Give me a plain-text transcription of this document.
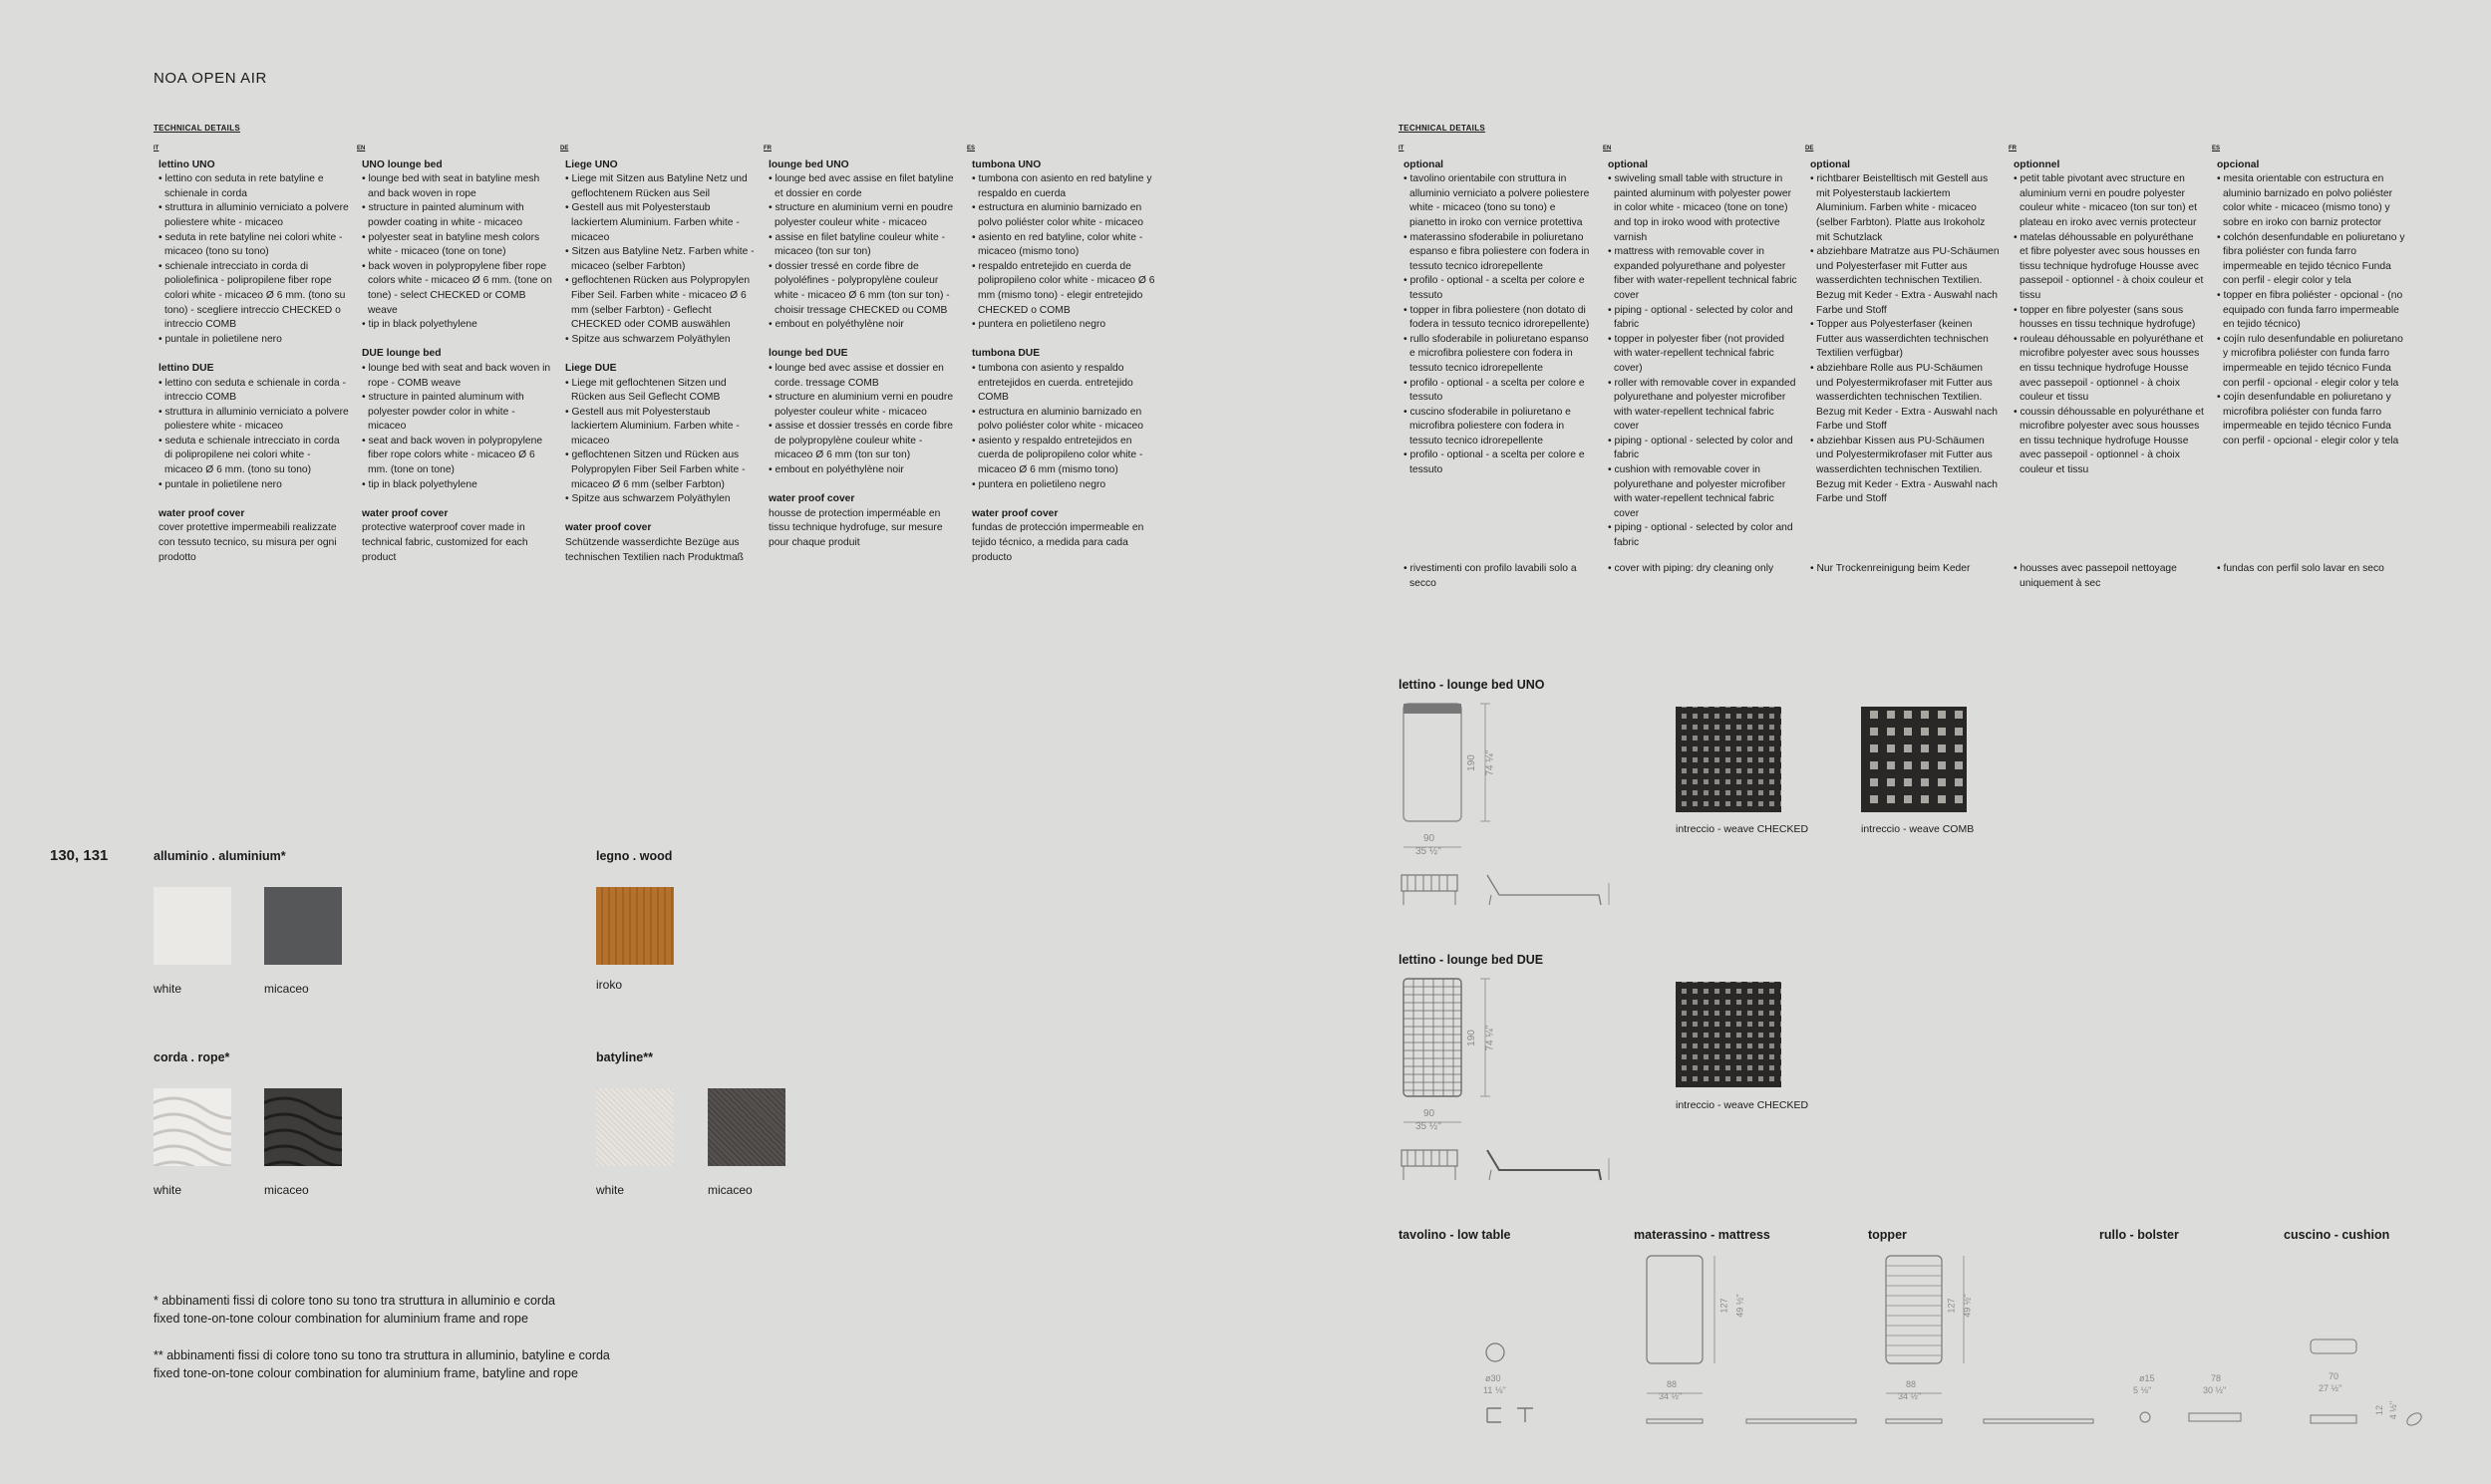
NOA OPEN AIR
TECHNICAL DETAILS
IT
lettino UNO
• lettino con seduta in rete batyline e schienale in corda
• struttura in alluminio verniciato a polvere poliestere white - micaceo
• seduta in rete batyline nei colori white - micaceo (tono su tono)
• schienale intrecciato in corda di poliolefinica - polipropilene fiber rope colori white - micaceo Ø 6 mm. (tono su tono) - scegliere intreccio CHECKED o intreccio COMB
• puntale in polietilene nero
lettino DUE
• lettino con seduta e schienale in corda - intreccio COMB
• struttura in alluminio verniciato a polvere poliestere white - micaceo
• seduta e schienale intrecciato in corda di polipropilene nei colori white - micaceo Ø 6 mm. (tono su tono)
• puntale in polietilene nero
water proof cover
cover protettive impermeabili realizzate con tessuto tecnico, su misura per ogni prodotto
EN
UNO lounge bed
• lounge bed with seat in batyline mesh and back woven in rope
• structure in painted aluminum with powder coating in white - micaceo
• polyester seat in batyline mesh colors white - micaceo (tone on tone)
• back woven in polypropylene fiber rope colors white - micaceo Ø 6 mm. (tone on tone) - select CHECKED or COMB weave
• tip in black polyethylene
DUE lounge bed
• lounge bed with seat and back woven in rope - COMB weave
• structure in painted aluminum with polyester powder color in white - micaceo
• seat and back woven in polypropylene fiber rope colors white - micaceo Ø 6 mm. (tone on tone)
• tip in black polyethylene
water proof cover
protective waterproof cover made in technical fabric, customized for each product
DE
Liege UNO
• Liege mit Sitzen aus Batyline Netz und geflochtenem Rücken aus Seil
• Gestell aus mit Polyesterstaub lackiertem Aluminium. Farben white - micaceo
• Sitzen aus Batyline Netz. Farben white - micaceo (selber Farbton)
• geflochtenen Rücken aus Polypropylen Fiber Seil. Farben white - micaceo Ø 6 mm (selber Farbton) - Geflecht CHECKED oder COMB auswählen
• Spitze aus schwarzem Polyäthylen
Liege DUE
• Liege mit geflochtenen Sitzen und Rücken aus Seil Geflecht COMB
• Gestell aus mit Polyesterstaub lackiertem Aluminium. Farben white - micaceo
• geflochtenen Sitzen und Rücken aus Polypropylen Fiber Seil Farben white - micaceo Ø 6 mm (selber Farbton)
• Spitze aus schwarzem Polyäthylen
water proof cover
Schützende wasserdichte Bezüge aus technischen Textilien nach Produktmaß
FR
lounge bed UNO
• lounge bed avec assise en filet batyline et dossier en corde
• structure en aluminium verni en poudre polyester couleur white - micaceo
• assise en filet batyline couleur white - micaceo (ton sur ton)
• dossier tressé en corde fibre de polyoléfines - polypropylène couleur white - micaceo Ø 6 mm (ton sur ton) - choisir tressage CHECKED ou COMB
• embout en polyéthylène noir
lounge bed DUE
• lounge bed avec assise et dossier en corde. tressage COMB
• structure en aluminium verni en poudre polyester couleur white - micaceo
• assise et dossier tressés en corde fibre de polypropylène couleur white - micaceo Ø 6 mm (ton sur ton)
• embout en polyéthylène noir
water proof cover
housse de protection imperméable en tissu technique hydrofuge, sur mesure pour chaque produit
ES
tumbona UNO
• tumbona con asiento en red batyline y respaldo en cuerda
• estructura en aluminio barnizado en polvo poliéster color white - micaceo
• asiento en red batyline, color white - micaceo (mismo tono)
• respaldo entretejido en cuerda de polipropileno color white - micaceo Ø 6 mm (mismo tono) - elegir entretejido CHECKED o COMB
• puntera en polietileno negro
tumbona DUE
• tumbona con asiento y respaldo entretejidos en cuerda. entretejido COMB
• estructura en aluminio barnizado en polvo poliéster color white - micaceo
• asiento y respaldo entretejidos en cuerda de polipropileno color white - micaceo Ø 6 mm (mismo tono)
• puntera en polietileno negro
water proof cover
fundas de protección impermeable en tejido técnico, a medida para cada producto
TECHNICAL DETAILS
IT
optional
• tavolino orientabile con struttura in alluminio verniciato a polvere poliestere white - micaceo (tono su tono) e pianetto in iroko con vernice protettiva
• materassino sfoderabile in poliuretano espanso e fibra poliestere con fodera in tessuto tecnico idrorepellente
• profilo - optional - a scelta per colore e tessuto
• topper in fibra poliestere (non dotato di fodera in tessuto tecnico idrorepellente)
• rullo sfoderabile in poliuretano espanso e microfibra poliestere con fodera in tessuto tecnico idrorepellente
• profilo - optional - a scelta per colore e tessuto
• cuscino sfoderabile in poliuretano e microfibra poliestere con fodera in tessuto tecnico idrorepellente
• profilo - optional - a scelta per colore e tessuto
• rivestimenti con profilo lavabili solo a secco
EN
optional
• swiveling small table with structure in painted aluminum with polyester power in color white - micaceo (tone on tone) and top in iroko wood with protective varnish
• mattress with removable cover in expanded polyurethane and polyester fiber with water-repellent technical fabric cover
• piping - optional - selected by color and fabric
• topper in polyester fiber (not provided with water-repellent technical fabric cover)
• roller with removable cover in expanded polyurethane and polyester microfiber with water-repellent technical fabric cover
• piping - optional - selected by color and fabric
• cushion with removable cover in polyurethane and polyester microfiber with water-repellent technical fabric cover
• piping - optional - selected by color and fabric
• cover with piping: dry cleaning only
DE
optional
• richtbarer Beistelltisch mit Gestell aus mit Polyesterstaub lackiertem Aluminium. Farben white - micaceo (selber Farbton). Platte aus Irokoholz mit Schutzlack
• abziehbare Matratze aus PU-Schäumen und Polyesterfaser mit Futter aus wasserdichten technischen Textilien. Bezug mit Keder - Extra - Auswahl nach Farbe und Stoff
• Topper aus Polyesterfaser (keinen Futter aus wasserdichten technischen Textilien verfügbar)
• abziehbare Rolle aus PU-Schäumen und Polyestermikrofaser mit Futter aus wasserdichten technischen Textilien. Bezug mit Keder - Extra - Auswahl nach Farbe und Stoff
• abziehbar Kissen aus PU-Schäumen und Polyestermikrofaser mit Futter aus wasserdichten technischen Textilien. Bezug mit Keder - Extra - Auswahl nach Farbe und Stoff
• Nur Trockenreinigung beim Keder
FR
optionnel
• petit table pivotant avec structure en aluminium verni en poudre polyester couleur white - micaceo (ton sur ton) et plateau en iroko avec vernis protecteur
• matelas déhoussable en polyuréthane et fibre polyester avec sous housses en tissu technique hydrofuge Housse avec passepoil - optionnel - à choix couleur et tissu
• topper en fibre polyester (sans sous housses en tissu technique hydrofuge)
• rouleau déhoussable en polyuréthane et microfibre polyester avec sous housses en tissu technique hydrofuge Housse avec passepoil - optionnel - à choix couleur et tissu
• coussin déhoussable en polyuréthane et microfibre polyester avec sous housses en tissu technique hydrofuge Housse avec passepoil - optionnel - à choix couleur et tissu
• housses avec passepoil nettoyage uniquement à sec
ES
opcional
• mesita orientable con estructura en aluminio barnizado en polvo poliéster color white - micaceo (mismo tono) y sobre en iroko con barniz protector
• colchón desenfundable en poliuretano y fibra poliéster con funda farro impermeable en tejido técnico Funda con perfil - elegir color y tela
• topper en fibra poliéster - opcional - (no equipado con funda farro impermeable en tejido técnico)
• cojín rulo desenfundable en poliuretano y microfibra poliéster con funda farro impermeable en tejido técnico Funda con perfil - opcional - elegir color y tela
• cojín desenfundable en poliuretano y microfibra poliéster con funda farro impermeable en tejido técnico Funda con perfil - opcional - elegir color y tela
• fundas con perfil solo lavar en seco
130, 131	alluminio . aluminium*
white	micaceo
legno . wood
iroko
corda . rope*
white	micaceo
batyline**
white	micaceo
* abbinamenti fissi di colore tono su tono tra struttura in alluminio e corda
fixed tone-on-tone colour combination for aluminium frame and rope
** abbinamenti fissi di colore tono su tono tra struttura in alluminio, batyline e corda
fixed tone-on-tone colour combination for aluminium frame, batyline and rope
lettino - lounge bed UNO
90
35 ½''
190 74 ¼''
intreccio - weave CHECKED	intreccio - weave COMB
lettino - lounge bed DUE
90
35 ½''
190 74 ¼''
intreccio - weave CHECKED
tavolino - low table	materassino - mattress	topper	rullo - bolster	cuscino - cushion
ø30
11 ⅛''
88
34 ½''
127 49 ½''
88
34 ½''
127 49 ½''
ø15
5 ⅛''
78
30 ½''
70
27 ½''
12 4 ½''
